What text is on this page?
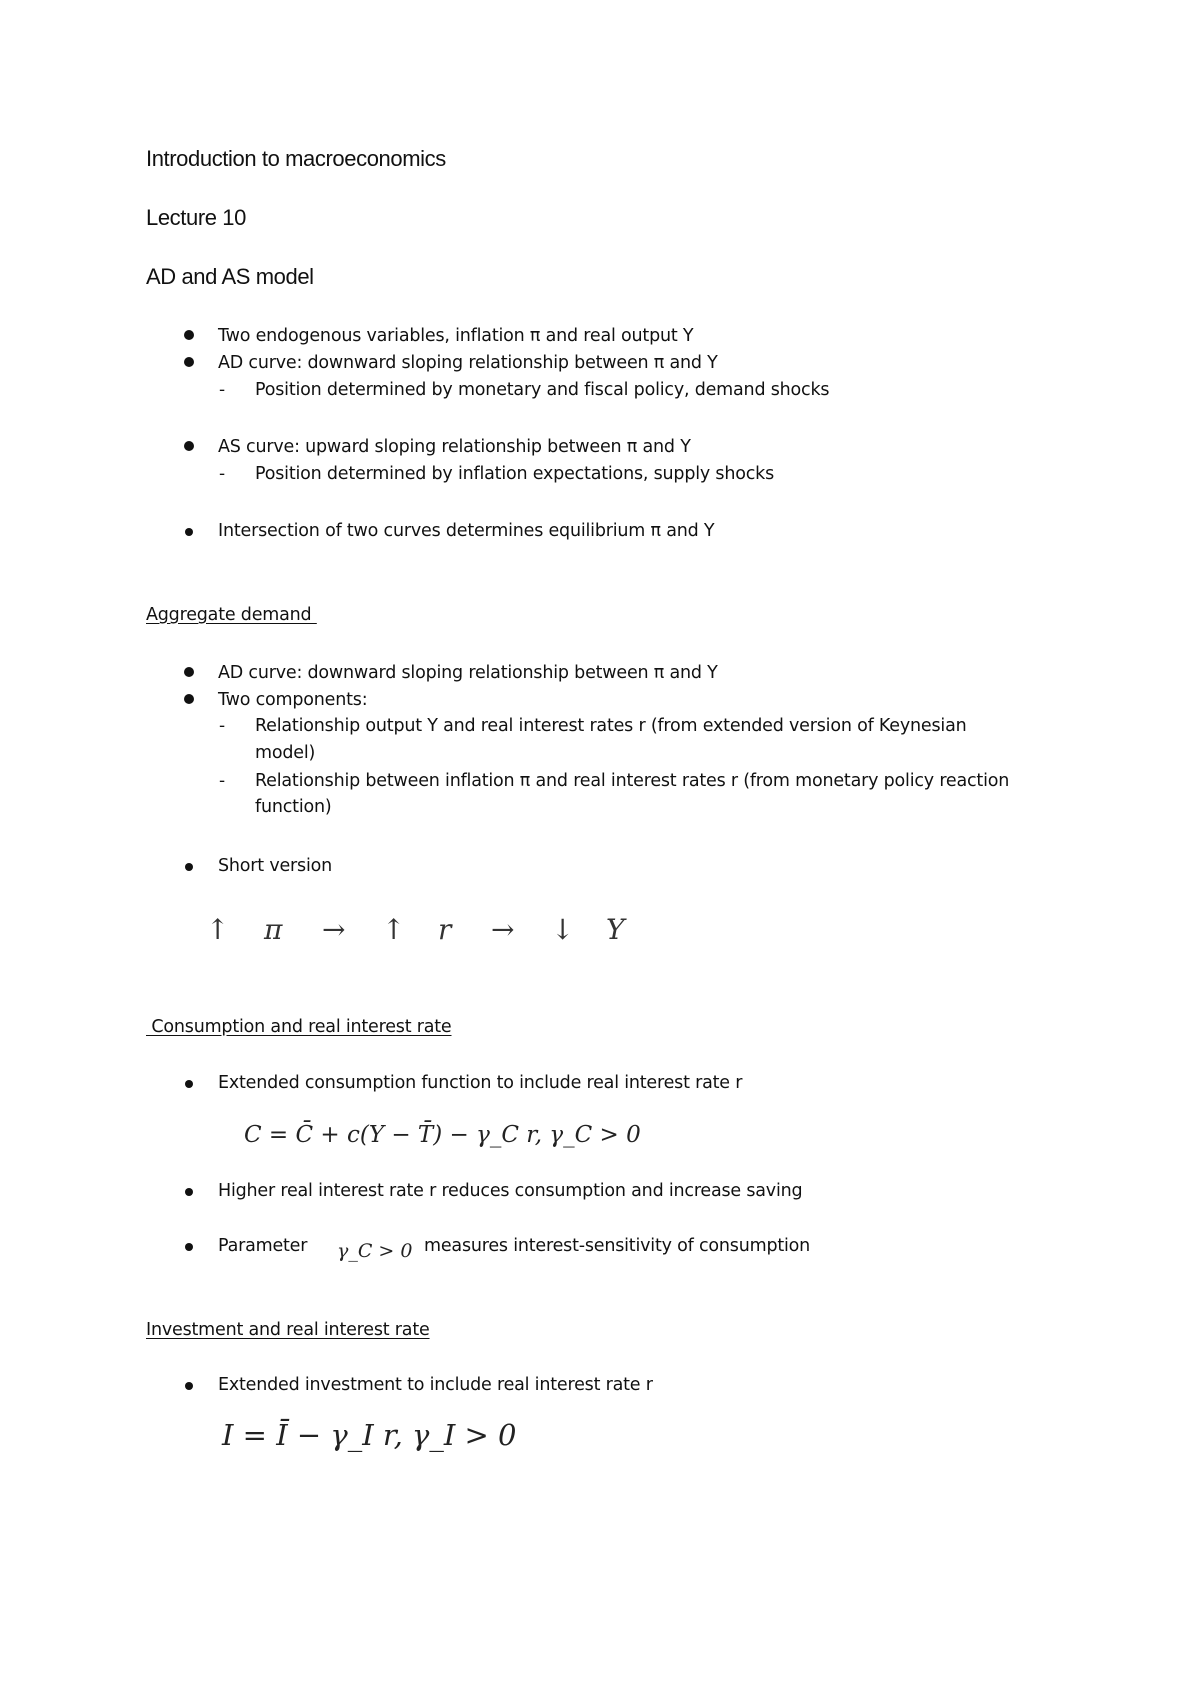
Introduction to macroeconomics
Lecture 10
AD and AS model
Two endogenous variables, inflation π and real output Y
AD curve: downward sloping relationship between π and Y
- Position determined by monetary and fiscal policy, demand shocks
AS curve: upward sloping relationship between π and Y
- Position determined by inflation expectations, supply shocks
Intersection of two curves determines equilibrium π and Y
Aggregate demand
AD curve: downward sloping relationship between π and Y
Two components:
- Relationship output Y and real interest rates r (from extended version of Keynesian
model)
- Relationship between inflation π and real interest rates r (from monetary policy reaction
function)
Short version
↑ π → ↑ r → ↓ Y
Consumption and real interest rate
Extended consumption function to include real interest rate r
C = C̄ + c(Y − T̄) − γ_C r, γ_C > 0
Higher real interest rate r reduces consumption and increase saving
Parameter γ_C > 0 measures interest-sensitivity of consumption
Investment and real interest rate
Extended investment to include real interest rate r
I = Ī − γ_I r, γ_I > 0
